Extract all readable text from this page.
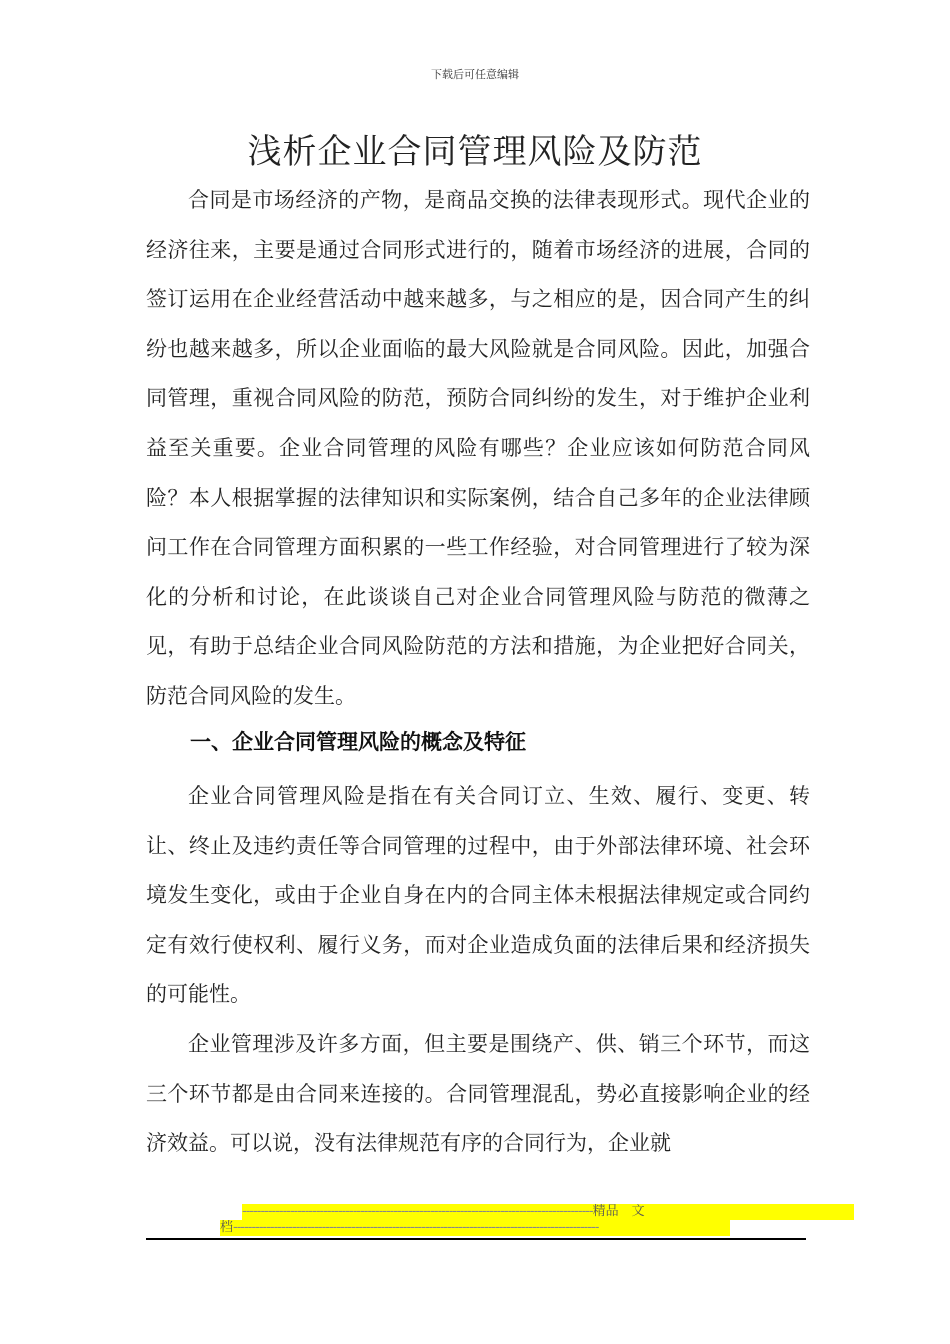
下载后可任意编辑
浅析企业合同管理风险及防范

合同是市场经济的产物，是商品交换的法律表现形式。现代企业的经济往来，主要是通过合同形式进行的，随着市场经济的进展，合同的签订运用在企业经营活动中越来越多，与之相应的是，因合同产生的纠纷也越来越多，所以企业面临的最大风险就是合同风险。因此，加强合同管理，重视合同风险的防范，预防合同纠纷的发生，对于维护企业利益至关重要。企业合同管理的风险有哪些？企业应该如何防范合同风险？本人根据掌握的法律知识和实际案例，结合自己多年的企业法律顾问工作在合同管理方面积累的一些工作经验，对合同管理进行了较为深化的分析和讨论，在此谈谈自己对企业合同管理风险与防范的微薄之见，有助于总结企业合同风险防范的方法和措施，为企业把好合同关，防范合同风险的发生。

一、企业合同管理风险的概念及特征

企业合同管理风险是指在有关合同订立、生效、履行、变更、转让、终止及违约责任等合同管理的过程中，由于外部法律环境、社会环境发生变化，或由于企业自身在内的合同主体未根据法律规定或合同约定有效行使权利、履行义务，而对企业造成负面的法律后果和经济损失的可能性。

企业管理涉及许多方面，但主要是围绕产、供、销三个环节，而这三个环节都是由合同来连接的。合同管理混乱，势必直接影响企业的经济效益。可以说，没有法律规范有序的合同行为，企业就

-----------------------------------------------------------------------------------------------精品　文
档---------------------------------------------------------------------------------------------------
